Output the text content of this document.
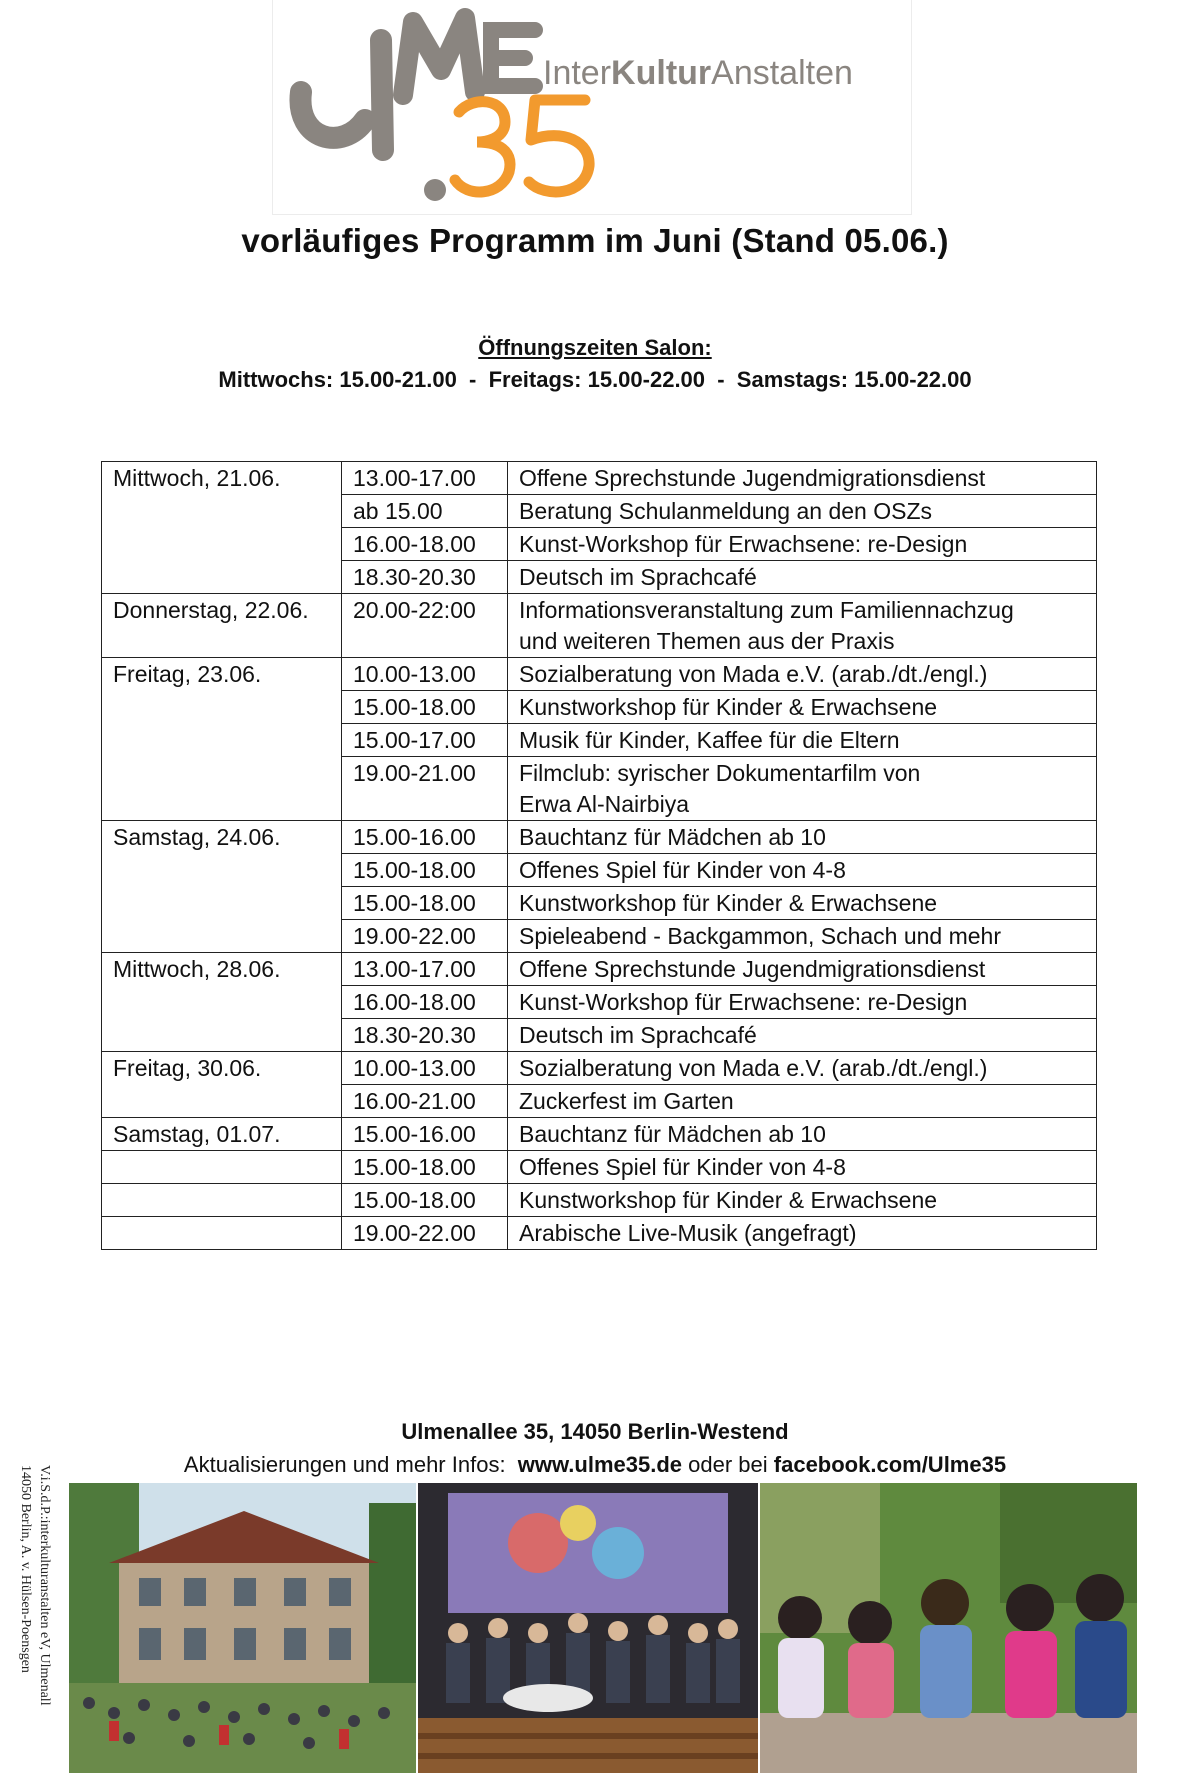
InterKulturAnstalten
vorläufiges Programm im Juni (Stand 05.06.)
Öffnungszeiten Salon:
Mittwochs: 15.00-21.00  -  Freitags: 15.00-22.00  -  Samstags: 15.00-22.00
Mittwoch, 21.06.	13.00-17.00	Offene Sprechstunde Jugendmigrationsdienst

	ab 15.00	Beratung Schulanmeldung an den OSZs

	16.00-18.00	Kunst-Workshop für Erwachsene: re-Design

	18.30-20.30	Deutsch im Sprachcafé

Donnerstag, 22.06.	20.00-22:00	Informationsveranstaltung zum Familiennachzug
und weiteren Themen aus der Praxis

Freitag, 23.06.	10.00-13.00	Sozialberatung von Mada e.V. (arab./dt./engl.)

	15.00-18.00	Kunstworkshop für Kinder & Erwachsene

	15.00-17.00	Musik für Kinder, Kaffee für die Eltern

	19.00-21.00	Filmclub: syrischer Dokumentarfilm von
Erwa Al-Nairbiya

Samstag, 24.06.	15.00-16.00	Bauchtanz für Mädchen ab 10

	15.00-18.00	Offenes Spiel für Kinder von 4-8

	15.00-18.00	Kunstworkshop für Kinder & Erwachsene

	19.00-22.00	Spieleabend - Backgammon, Schach und mehr

Mittwoch, 28.06.	13.00-17.00	Offene Sprechstunde Jugendmigrationsdienst

	16.00-18.00	Kunst-Workshop für Erwachsene: re-Design

	18.30-20.30	Deutsch im Sprachcafé

Freitag, 30.06.	10.00-13.00	Sozialberatung von Mada e.V. (arab./dt./engl.)

	16.00-21.00	Zuckerfest im Garten

Samstag, 01.07.	15.00-16.00	Bauchtanz für Mädchen ab 10

	15.00-18.00	Offenes Spiel für Kinder von 4-8

	15.00-18.00	Kunstworkshop für Kinder & Erwachsene

	19.00-22.00	Arabische Live-Musik (angefragt)
Ulmenallee 35, 14050 Berlin-Westend
Aktualisierungen und mehr Infos:  www.ulme35.de oder bei facebook.com/Ulme35
V.i.S.d.P.:interkulturanstalten eV, Ulmenall
14050 Berlin, A. v. Hülsen-Poensgen
